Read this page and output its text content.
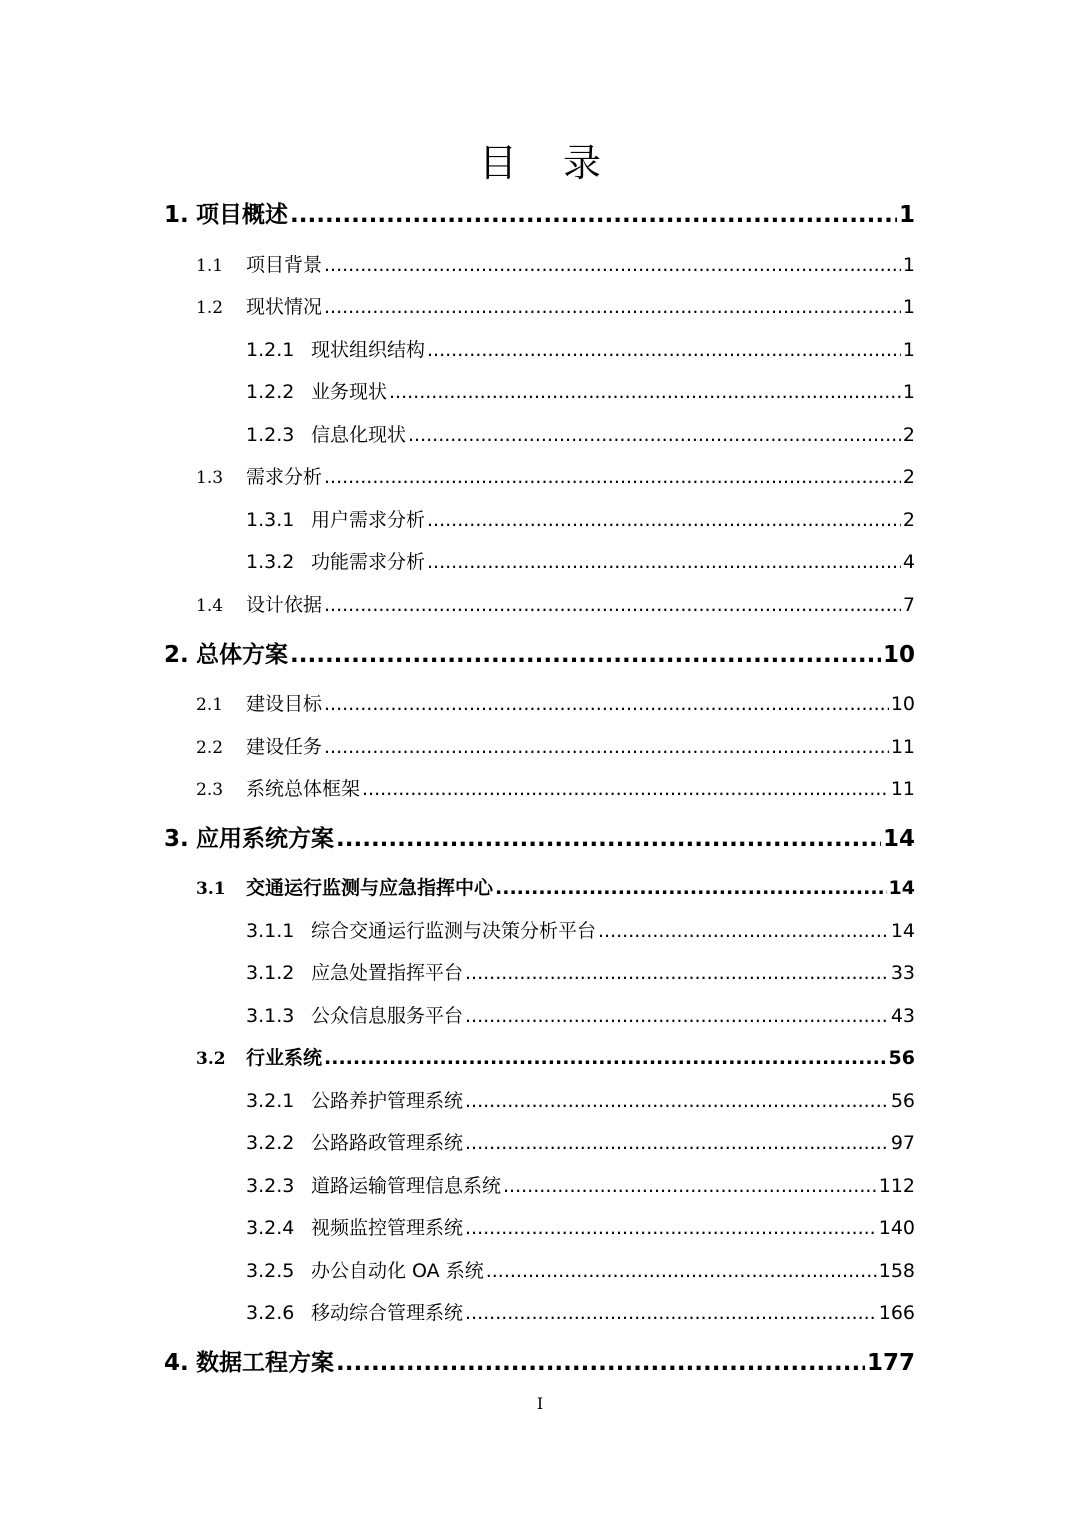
目 录
1. 项目概述 .....	1
1.1	项目背景 .....	1
1.2	现状情况 .....	1
1.2.1 现状组织结构 .....	1
1.2.2 业务现状 .....	1
1.2.3 信息化现状 .....	2
1.3	需求分析 .....	2
1.3.1 用户需求分析 .....	2
1.3.2 功能需求分析 .....	4
1.4	设计依据 .....	7
2. 总体方案 .....	10
2.1	建设目标 .....	10
2.2	建设任务 .....	11
2.3	系统总体框架 .....	11
3. 应用系统方案 .....	14
3.1	交通运行监测与应急指挥中心 .....	14
3.1.1 综合交通运行监测与决策分析平台 .....	14
3.1.2 应急处置指挥平台 .....	33
3.1.3 公众信息服务平台 .....	43
3.2	行业系统 .....	56
3.2.1 公路养护管理系统 .....	56
3.2.2 公路路政管理系统 .....	97
3.2.3 道路运输管理信息系统 .....	112
3.2.4 视频监控管理系统 .....	140
3.2.5 办公自动化 OA 系统 .....	158
3.2.6 移动综合管理系统 .....	166
4. 数据工程方案 .....	177
I
